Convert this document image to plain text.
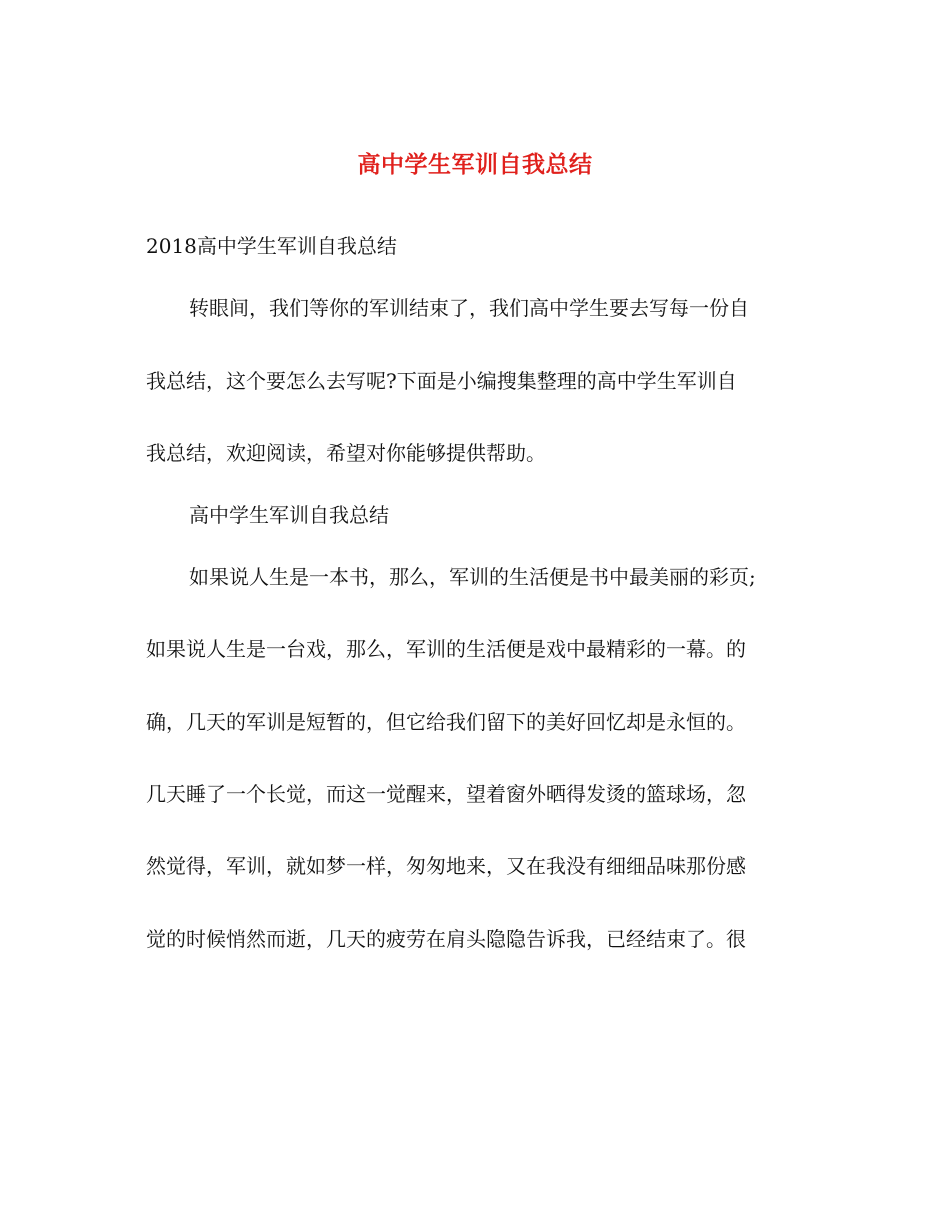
高中学生军训自我总结
2018高中学生军训自我总结
转眼间，我们等你的军训结束了，我们高中学生要去写每一份自
我总结，这个要怎么去写呢?下面是小编搜集整理的高中学生军训自
我总结，欢迎阅读，希望对你能够提供帮助。
高中学生军训自我总结
如果说人生是一本书，那么，军训的生活便是书中最美丽的彩页;
如果说人生是一台戏，那么，军训的生活便是戏中最精彩的一幕。的
确，几天的军训是短暂的，但它给我们留下的美好回忆却是永恒的。
几天睡了一个长觉，而这一觉醒来，望着窗外晒得发烫的篮球场，忽
然觉得，军训，就如梦一样，匆匆地来，又在我没有细细品味那份感
觉的时候悄然而逝，几天的疲劳在肩头隐隐告诉我，已经结束了。很
